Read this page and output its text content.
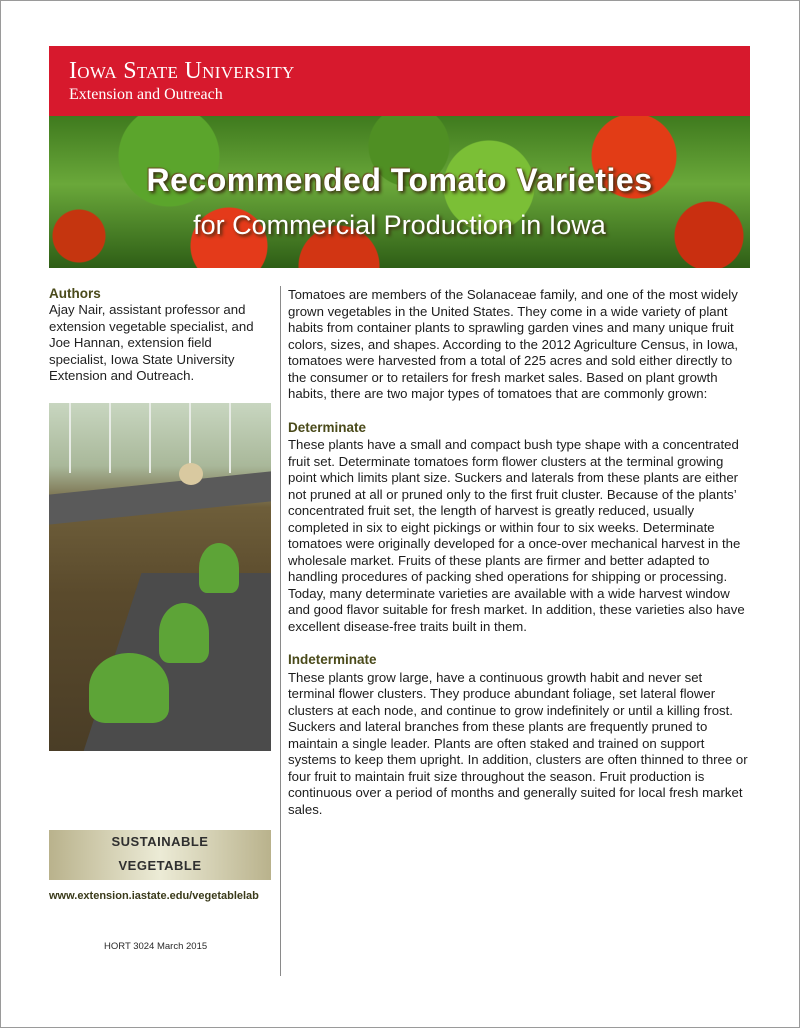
Iowa State University
Extension and Outreach
Recommended Tomato Varieties
for Commercial Production in Iowa
Authors
Ajay Nair, assistant professor and extension vegetable specialist, and Joe Hannan, extension field specialist, Iowa State University Extension and Outreach.
SUSTAINABLE
VEGETABLE
www.extension.iastate.edu/vegetablelab
HORT 3024 March 2015

Tomatoes are members of the Solanaceae family, and one of the most widely grown vegetables in the United States. They come in a wide variety of plant habits from container plants to sprawling garden vines and many unique fruit colors, sizes, and shapes. According to the 2012 Agriculture Census, in Iowa, tomatoes were harvested from a total of 225 acres and sold either directly to the consumer or to retailers for fresh market sales. Based on plant growth habits, there are two major types of tomatoes that are commonly grown:

Determinate

These plants have a small and compact bush type shape with a concentrated fruit set. Determinate tomatoes form flower clusters at the terminal growing point which limits plant size. Suckers and laterals from these plants are either not pruned at all or pruned only to the first fruit cluster. Because of the plants’ concentrated fruit set, the length of harvest is greatly reduced, usually completed in six to eight pickings or within four to six weeks. Determinate tomatoes were originally developed for a once-over mechanical harvest in the wholesale market. Fruits of these plants are firmer and better adapted to handling procedures of packing shed operations for shipping or processing. Today, many determinate varieties are available with a wide harvest window and good flavor suitable for fresh market. In addition, these varieties also have excellent disease-free traits built in them.

Indeterminate

These plants grow large, have a continuous growth habit and never set terminal flower clusters. They produce abundant foliage, set lateral flower clusters at each node, and continue to grow indefinitely or until a killing frost. Suckers and lateral branches from these plants are frequently pruned to maintain a single leader. Plants are often staked and trained on support systems to keep them upright. In addition, clusters are often thinned to three or four fruit to maintain fruit size throughout the season. Fruit production is continuous over a period of months and generally suited for local fresh market sales.
